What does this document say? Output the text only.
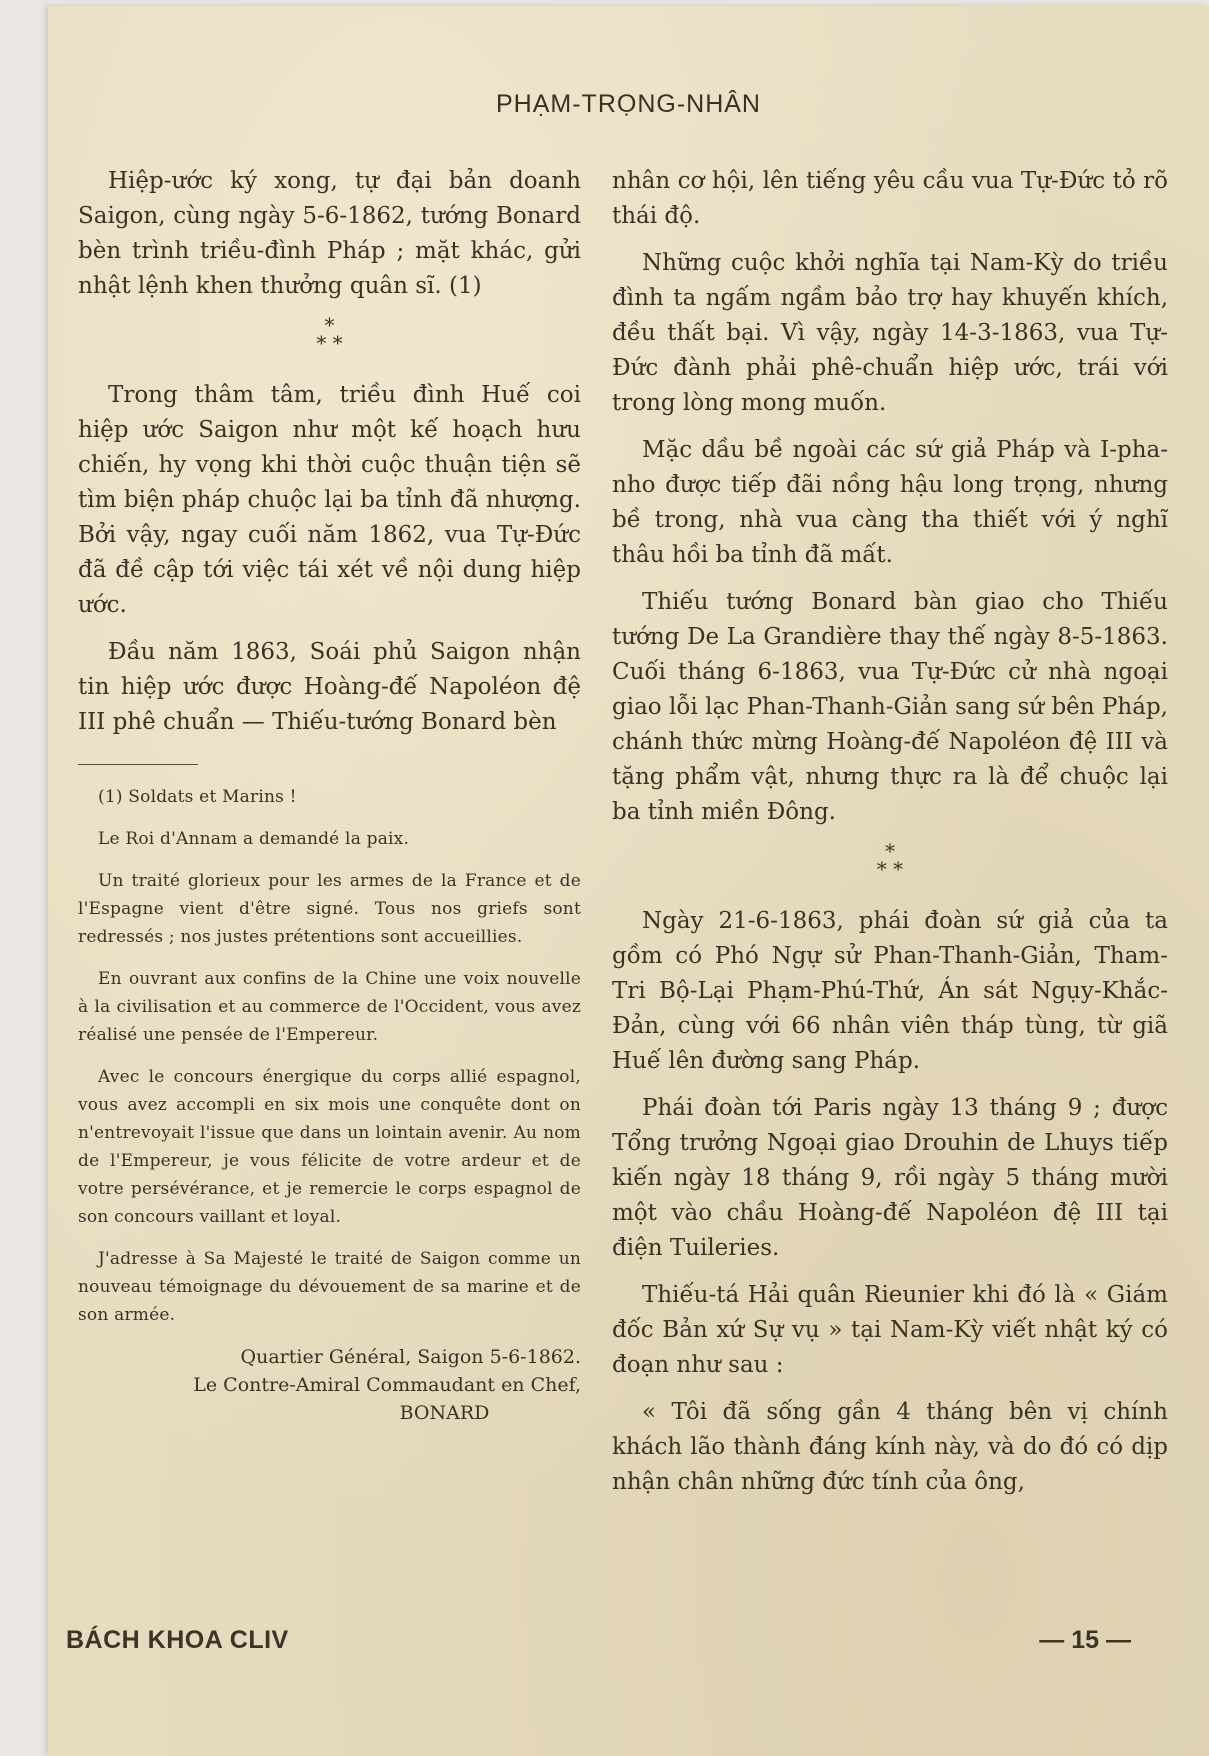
PHẠM-TRỌNG-NHÂN

Hiệp-ước ký xong, tự đại bản doanh Saigon, cùng ngày 5-6-1862, tướng Bonard bèn trình triều-đình Pháp ; mặt khác, gửi nhật lệnh khen thưởng quân sĩ. (1)

*
* *

Trong thâm tâm, triều đình Huế coi hiệp ước Saigon như một kế hoạch hưu chiến, hy vọng khi thời cuộc thuận tiện sẽ tìm biện pháp chuộc lại ba tỉnh đã nhượng. Bởi vậy, ngay cuối năm 1862, vua Tự-Đức đã đề cập tới việc tái xét về nội dung hiệp ước.

Đầu năm 1863, Soái phủ Saigon nhận tin hiệp ước được Hoàng-đế Napoléon đệ III phê chuẩn — Thiếu-tướng Bonard bèn

(1) Soldats et Marins !

Le Roi d'Annam a demandé la paix.

Un traité glorieux pour les armes de la France et de l'Espagne vient d'être signé. Tous nos griefs sont redressés ; nos justes prétentions sont accueillies.

En ouvrant aux confins de la Chine une voix nouvelle à la civilisation et au commerce de l'Occident, vous avez réalisé une pensée de l'Empereur.

Avec le concours énergique du corps allié espagnol, vous avez accompli en six mois une conquête dont on n'entrevoyait l'issue que dans un lointain avenir. Au nom de l'Empereur, je vous félicite de votre ardeur et de votre persévérance, et je remercie le corps espagnol de son concours vaillant et loyal.

J'adresse à Sa Majesté le traité de Saigon comme un nouveau témoignage du dévouement de sa marine et de son armée.

Quartier Général, Saigon 5-6-1862.
Le Contre-Amiral Commaudant en Chef,
BONARD

nhân cơ hội, lên tiếng yêu cầu vua Tự-Đức tỏ rõ thái độ.

Những cuộc khởi nghĩa tại Nam-Kỳ do triều đình ta ngấm ngầm bảo trợ hay khuyến khích, đều thất bại. Vì vậy, ngày 14-3-1863, vua Tự-Đức đành phải phê-chuẩn hiệp ước, trái với trong lòng mong muốn.

Mặc dầu bề ngoài các sứ giả Pháp và I-pha-nho được tiếp đãi nồng hậu long trọng, nhưng bề trong, nhà vua càng tha thiết với ý nghĩ thâu hồi ba tỉnh đã mất.

Thiếu tướng Bonard bàn giao cho Thiếu tướng De La Grandière thay thế ngày 8-5-1863. Cuối tháng 6-1863, vua Tự-Đức cử nhà ngoại giao lỗi lạc Phan-Thanh-Giản sang sứ bên Pháp, chánh thức mừng Hoàng-đế Napoléon đệ III và tặng phẩm vật, nhưng thực ra là để chuộc lại ba tỉnh miền Đông.

*
* *

Ngày 21-6-1863, phái đoàn sứ giả của ta gồm có Phó Ngự sử Phan-Thanh-Giản, Tham-Tri Bộ-Lại Phạm-Phú-Thứ, Án sát Ngụy-Khắc-Đản, cùng với 66 nhân viên tháp tùng, từ giã Huế lên đường sang Pháp.

Phái đoàn tới Paris ngày 13 tháng 9 ; được Tổng trưởng Ngoại giao Drouhin de Lhuys tiếp kiến ngày 18 tháng 9, rồi ngày 5 tháng mười một vào chầu Hoàng-đế Napoléon đệ III tại điện Tuileries.

Thiếu-tá Hải quân Rieunier khi đó là « Giám đốc Bản xứ Sự vụ » tại Nam-Kỳ viết nhật ký có đoạn như sau :

« Tôi đã sống gần 4 tháng bên vị chính khách lão thành đáng kính này, và do đó có dịp nhận chân những đức tính của ông,

BÁCH KHOA CLIV	— 15 —
